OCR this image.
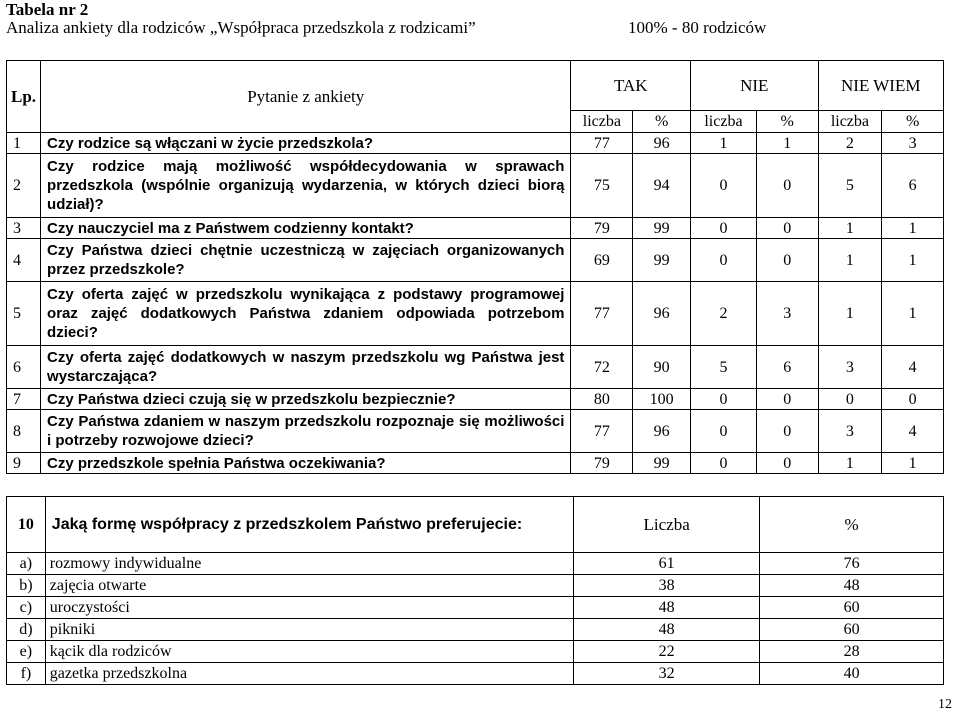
Tabela nr 2
Analiza ankiety dla rodziców „Współpraca przedszkola z rodzicami”	100% - 80 rodziców
Lp.	Pytanie z ankiety	TAK		NIE		NIE WIEM	
		liczba	%	liczba	%	liczba	%
1	Czy rodzice są włączani w życie przedszkola?	77	96	1	1	2	3
2	Czy rodzice mają możliwość współdecydowania w sprawach przedszkola (wspólnie organizują wydarzenia, w których dzieci biorą udział)?	75	94	0	0	5	6
3	Czy nauczyciel ma z Państwem codzienny kontakt?	79	99	0	0	1	1
4	Czy Państwa dzieci chętnie uczestniczą w zajęciach organizowanych przez przedszkole?	69	99	0	0	1	1
5	Czy oferta zajęć w przedszkolu wynikająca z podstawy programowej oraz zajęć dodatkowych Państwa zdaniem odpowiada potrzebom dzieci?	77	96	2	3	1	1
6	Czy oferta zajęć dodatkowych w naszym przedszkolu wg Państwa jest wystarczająca?	72	90	5	6	3	4
7	Czy Państwa dzieci czują się w przedszkolu bezpiecznie?	80	100	0	0	0	0
8	Czy Państwa zdaniem w naszym przedszkolu rozpoznaje się możliwości i potrzeby rozwojowe dzieci?	77	96	0	0	3	4
9	Czy przedszkole spełnia Państwa oczekiwania?	79	99	0	0	1	1
10	Jaką formę współpracy z przedszkolem Państwo preferujecie:	Liczba	%
a)	rozmowy indywidualne	61	76
b)	zajęcia otwarte	38	48
c)	uroczystości	48	60
d)	pikniki	48	60
e)	kącik dla rodziców	22	28
f)	gazetka przedszkolna	32	40
12
